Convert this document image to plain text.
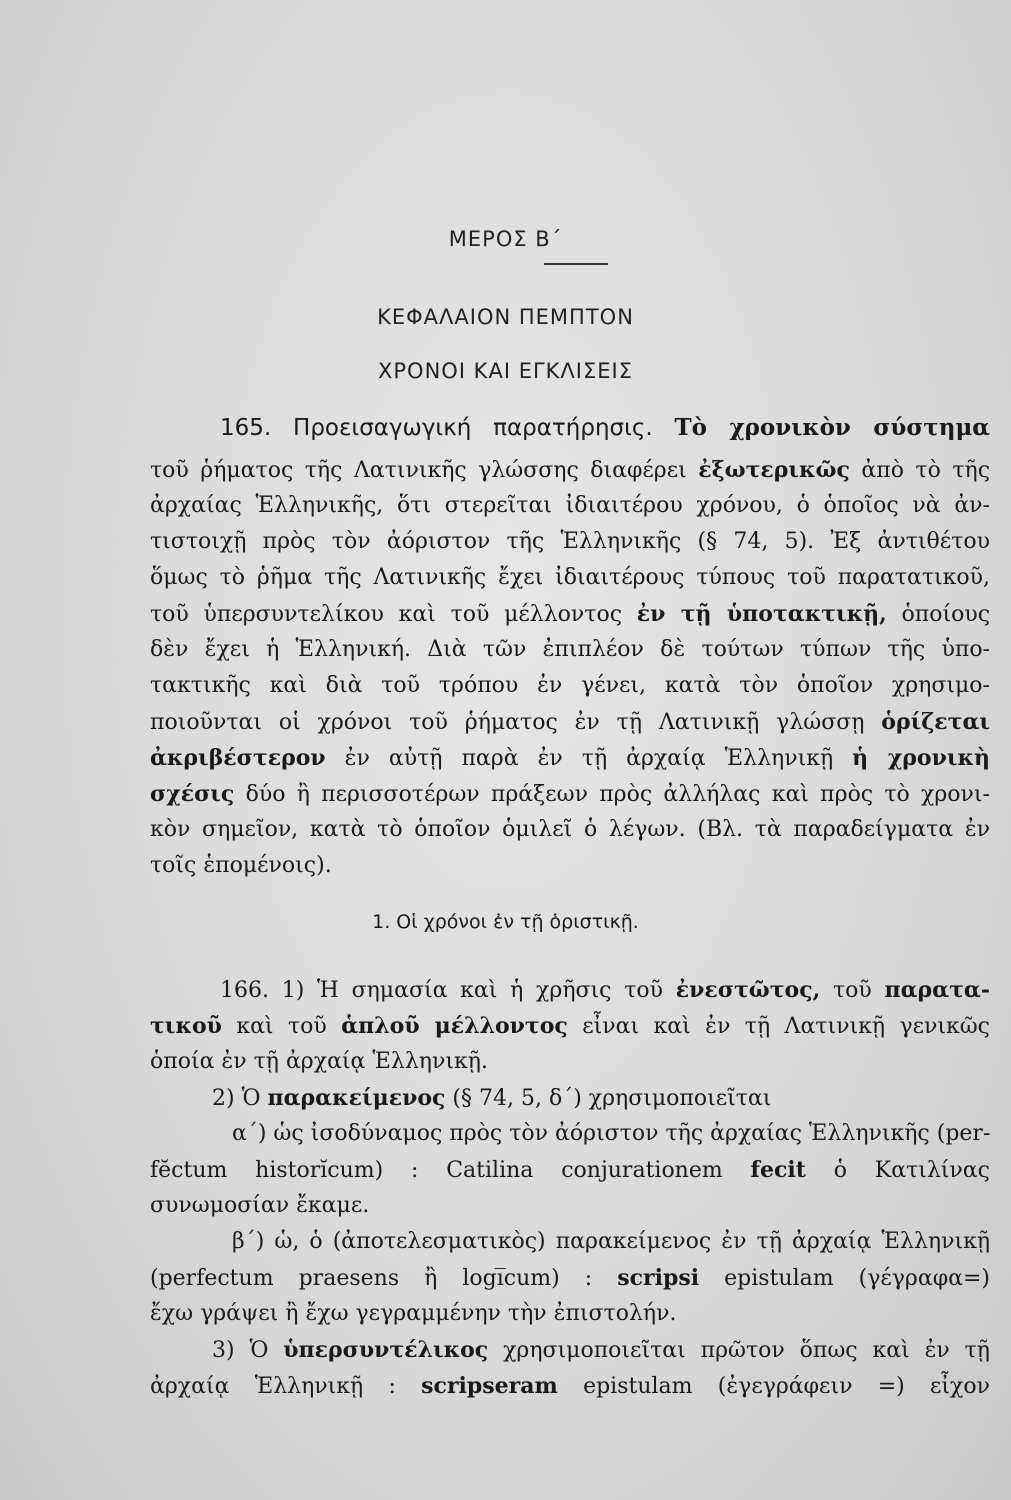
ΜΕΡΟΣ Β΄
ΚΕΦΑΛΑΙΟΝ ΠΕΜΠΤΟΝ
ΧΡΟΝΟΙ ΚΑΙ ΕΓΚΛΙΣΕΙΣ
165. Προεισαγωγική παρατήρησις. Τὸ χρονικὸν σύστημα
τοῦ ῥήματος τῆς Λατινικῆς γλώσσης διαφέρει ἐξωτερικῶς ἀπὸ τὸ τῆς
ἀρχαίας Ἑλληνικῆς, ὅτι στερεῖται ἰδιαιτέρου χρόνου, ὁ ὁποῖος νὰ ἀν-
τιστοιχῇ πρὸς τὸν ἀόριστον τῆς Ἑλληνικῆς (§ 74, 5). Ἐξ ἀντιθέτου
ὅμως τὸ ῥῆμα τῆς Λατινικῆς ἔχει ἰδιαιτέρους τύπους τοῦ παρατατικοῦ,
τοῦ ὑπερσυντελίκου καὶ τοῦ μέλλοντος ἐν τῇ ὑποτακτικῇ, ὁποίους
δὲν ἔχει ἡ Ἑλληνική. Διὰ τῶν ἐπιπλέον δὲ τούτων τύπων τῆς ὑπο-
τακτικῆς καὶ διὰ τοῦ τρόπου ἐν γένει, κατὰ τὸν ὁποῖον χρησιμο-
ποιοῦνται οἱ χρόνοι τοῦ ῥήματος ἐν τῇ Λατινικῇ γλώσσῃ ὁρίζεται
ἀκριβέστερον ἐν αὐτῇ παρὰ ἐν τῇ ἀρχαίᾳ Ἑλληνικῇ ἡ χρονικὴ
σχέσις δύο ἢ περισσοτέρων πράξεων πρὸς ἀλλήλας καὶ πρὸς τὸ χρονι-
κὸν σημεῖον, κατὰ τὸ ὁποῖον ὁμιλεῖ ὁ λέγων. (Βλ. τὰ παραδείγματα ἐν
τοῖς ἑπομένοις).
1. Οἱ χρόνοι ἐν τῇ ὁριστικῇ.
166. 1) Ἡ σημασία καὶ ἡ χρῆσις τοῦ ἐνεστῶτος, τοῦ παρατα-
τικοῦ καὶ τοῦ ἁπλοῦ μέλλοντος εἶναι καὶ ἐν τῇ Λατινικῇ γενικῶς
ὁποία ἐν τῇ ἀρχαίᾳ Ἑλληνικῇ.
2) Ὁ παρακείμενος (§ 74, 5, δ΄) χρησιμοποιεῖται
α΄) ὡς ἰσοδύναμος πρὸς τὸν ἀόριστον τῆς ἀρχαίας Ἑλληνικῆς (per-
fĕctum historĭcum) : Catilina conjurationem fecit ὁ Κατιλίνας
συνωμοσίαν ἔκαμε.
β΄) ὡ, ὁ (ἀποτελεσματικὸς) παρακείμενος ἐν τῇ ἀρχαίᾳ Ἑλληνικῇ
(perfectum praesens ἢ logi̅cum) : scripsi epistulam (γέγραφα=)
ἔχω γράψει ἢ ἔχω γεγραμμένην τὴν ἐπιστολήν.
3) Ὁ ὑπερσυντέλικος χρησιμοποιεῖται πρῶτον ὅπως καὶ ἐν τῇ
ἀρχαίᾳ Ἑλληνικῇ : scripseram epistulam (ἐγεγράφειν =) εἶχον
